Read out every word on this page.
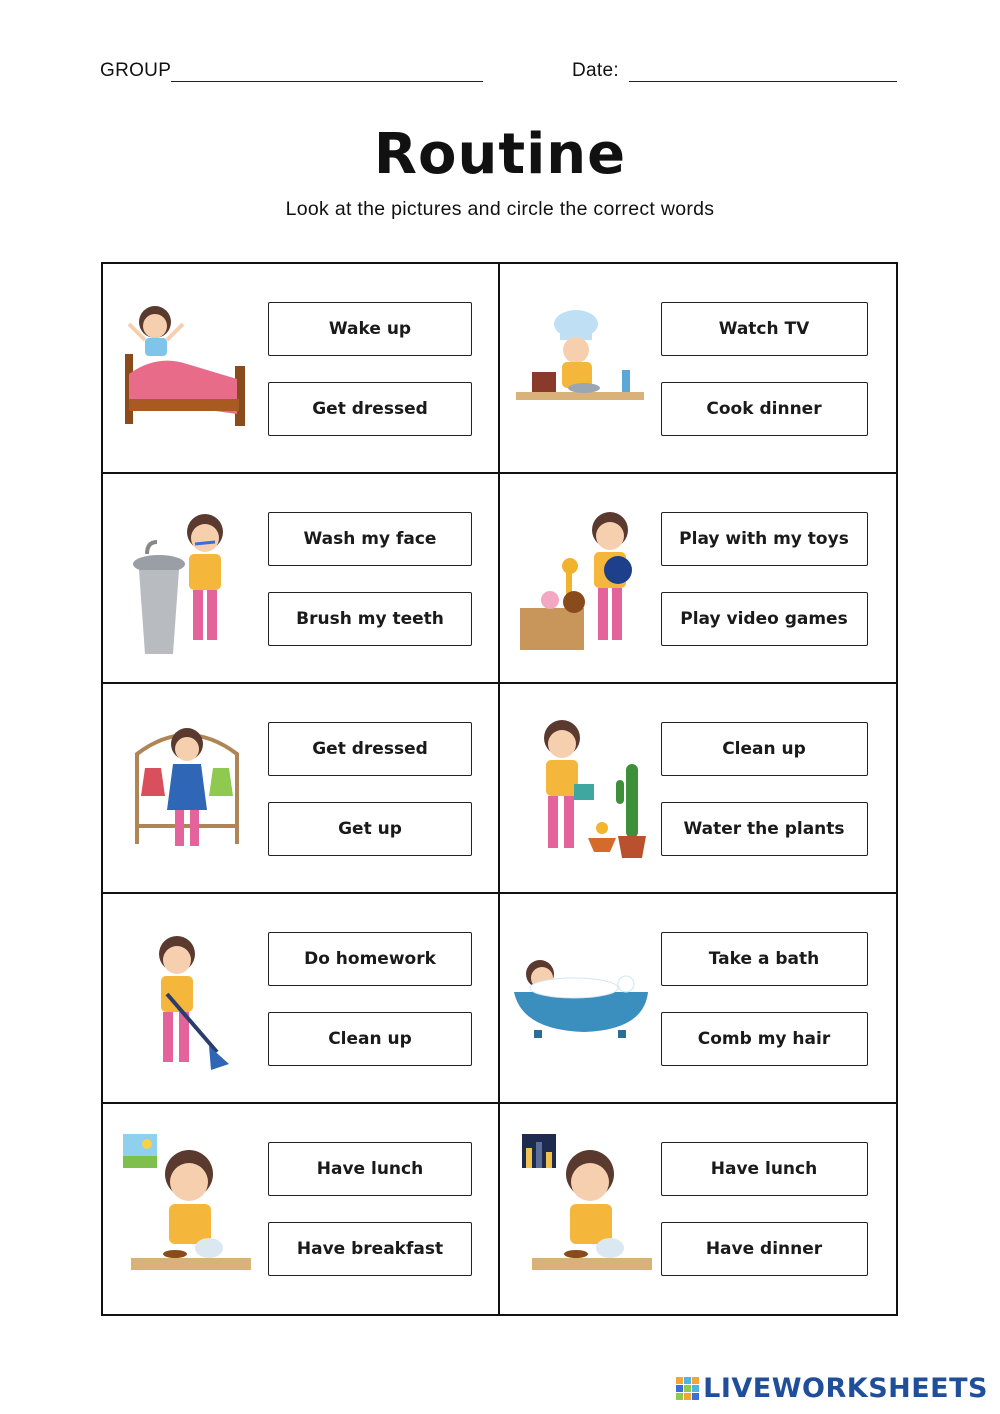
GROUP	Date:
Routine
Look at the pictures and circle the correct words
Wake up
Get dressed
Watch TV
Cook dinner
Wash my face
Brush my teeth
Play with my toys
Play video games
Get dressed
Get up
Clean up
Water the plants
Do homework
Clean up
Take a bath
Comb my hair
Have lunch
Have breakfast
Have lunch
Have dinner
LIVEWORKSHEETS
